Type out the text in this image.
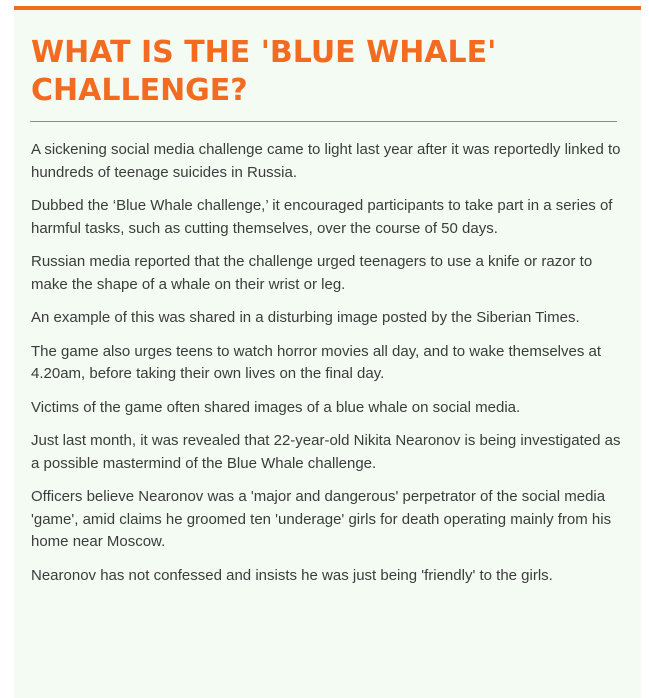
WHAT IS THE 'BLUE WHALE' CHALLENGE?

A sickening social media challenge came to light last year after it was reportedly linked to hundreds of teenage suicides in Russia.

Dubbed the ‘Blue Whale challenge,’ it encouraged participants to take part in a series of harmful tasks, such as cutting themselves, over the course of 50 days.

Russian media reported that the challenge urged teenagers to use a knife or razor to make the shape of a whale on their wrist or leg.

An example of this was shared in a disturbing image posted by the Siberian Times.

The game also urges teens to watch horror movies all day, and to wake themselves at 4.20am, before taking their own lives on the final day.

Victims of the game often shared images of a blue whale on social media.

Just last month, it was revealed that 22-year-old Nikita Nearonov is being investigated as a possible mastermind of the Blue Whale challenge.

Officers believe Nearonov was a 'major and dangerous' perpetrator of the social media 'game', amid claims he groomed ten 'underage' girls for death operating mainly from his home near Moscow.

Nearonov has not confessed and insists he was just being 'friendly' to the girls.
